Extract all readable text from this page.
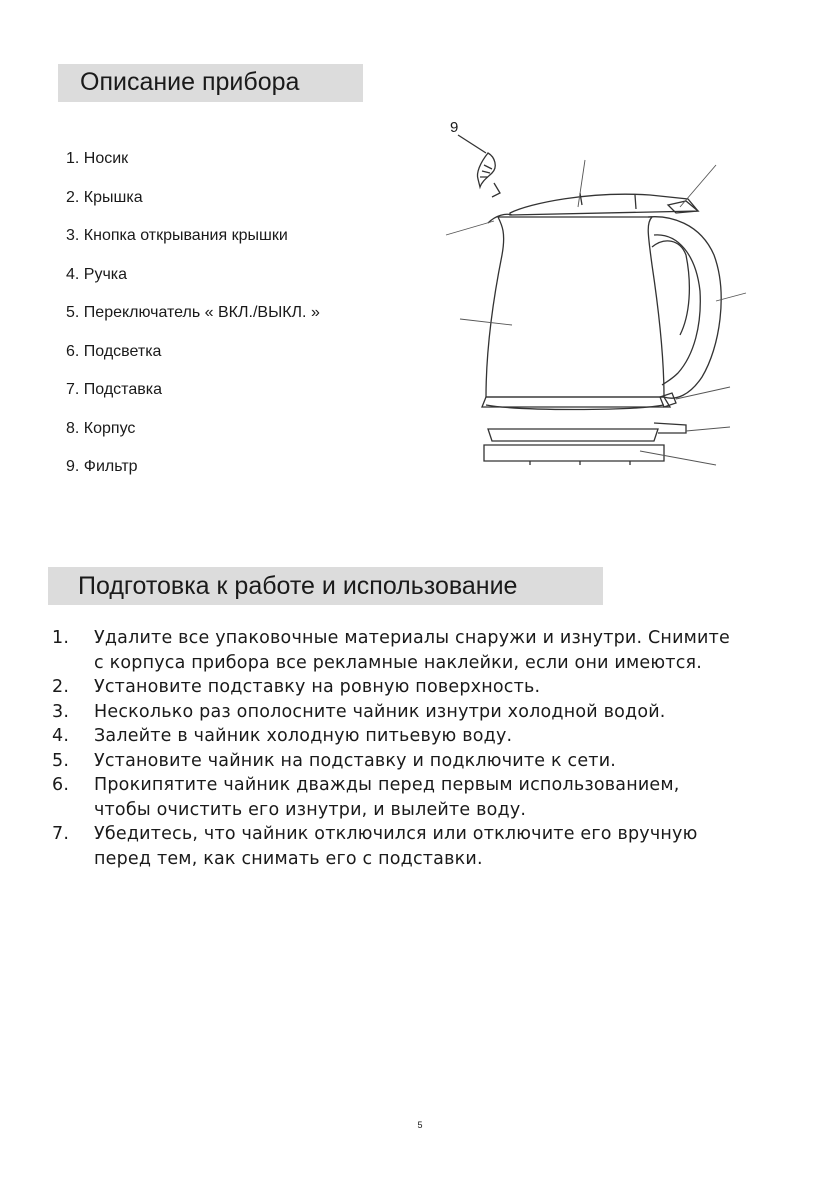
Описание прибора
1. Носик
2. Крышка
3. Кнопка открывания крышки
4. Ручка
5. Переключатель « ВКЛ./ВЫКЛ. »
6. Подсветка
7. Подставка
8. Корпус
9. Фильтр
9
Подготовка к работе и использование
1. Удалите все упаковочные материалы снаружи и изнутри. Снимите
с корпуса прибора все рекламные наклейки, если они имеются.
2. Установите подставку на ровную поверхность.
3. Несколько раз ополосните чайник изнутри холодной водой.
4. Залейте в чайник холодную питьевую воду.
5. Установите чайник на подставку и подключите к сети.
6. Прокипятите чайник дважды перед первым использованием,
чтобы очистить его изнутри, и вылейте воду.
7. Убедитесь, что чайник отключился или отключите его вручную
перед тем, как снимать его с подставки.
5
